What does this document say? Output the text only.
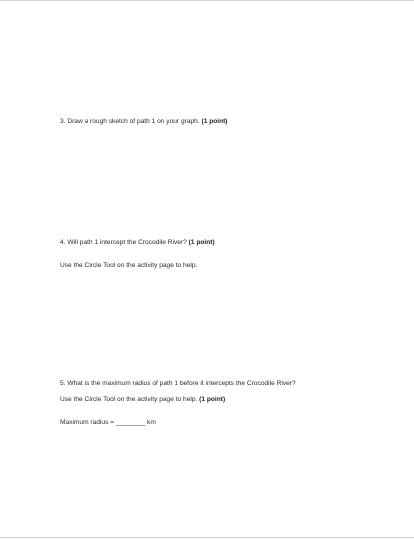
3. Draw a rough sketch of path 1 on your graph. (1 point)
4. Will path 1 intercept the Crocodile River? (1 point)
Use the Circle Tool on the activity page to help.
5. What is the maximum radius of path 1 before it intercepts the Crocodile River?
Use the Circle Tool on the activity page to help. (1 point)
Maximum radius = ________ km
